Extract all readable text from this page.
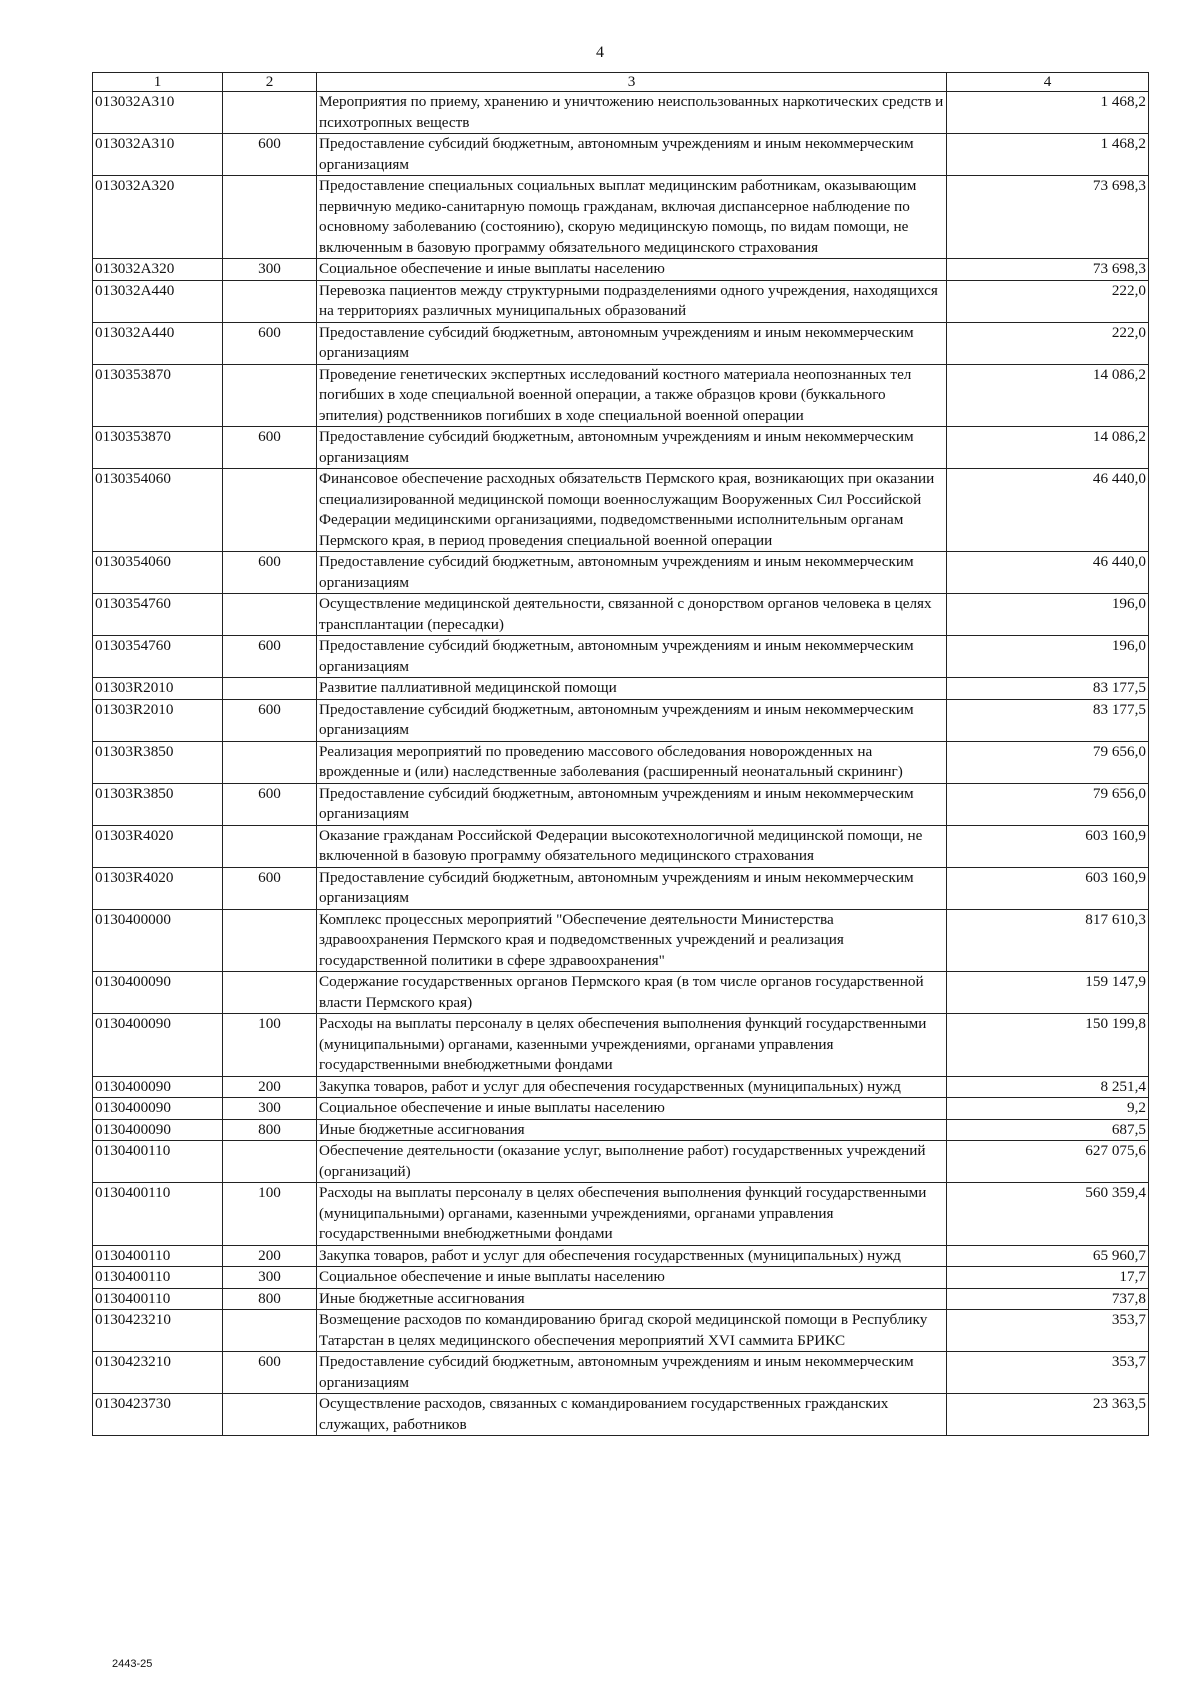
4
1	2	3	4
013032A310		Мероприятия по приему, хранению и уничтожению неиспользованных наркотических средств и психотропных веществ	1 468,2
013032A310	600	Предоставление субсидий бюджетным, автономным учреждениям и иным некоммерческим организациям	1 468,2
013032A320		Предоставление специальных социальных выплат медицинским работникам, оказывающим первичную медико-санитарную помощь гражданам, включая диспансерное наблюдение по основному заболеванию (состоянию), скорую медицинскую помощь, по видам помощи, не включенным в базовую программу обязательного медицинского страхования	73 698,3
013032A320	300	Социальное обеспечение и иные выплаты населению	73 698,3
013032A440		Перевозка пациентов между структурными подразделениями одного учреждения, находящихся на территориях различных муниципальных образований	222,0
013032A440	600	Предоставление субсидий бюджетным, автономным учреждениям и иным некоммерческим организациям	222,0
0130353870		Проведение генетических экспертных исследований костного материала неопознанных тел погибших в ходе специальной военной операции, а также образцов крови (буккального эпителия) родственников погибших в ходе специальной военной операции	14 086,2
0130353870	600	Предоставление субсидий бюджетным, автономным учреждениям и иным некоммерческим организациям	14 086,2
0130354060		Финансовое обеспечение расходных обязательств Пермского края, возникающих при оказании специализированной медицинской помощи военнослужащим Вооруженных Сил Российской Федерации медицинскими организациями, подведомственными исполнительным органам Пермского края, в период проведения специальной военной операции	46 440,0
0130354060	600	Предоставление субсидий бюджетным, автономным учреждениям и иным некоммерческим организациям	46 440,0
0130354760		Осуществление медицинской деятельности, связанной с донорством органов человека в целях трансплантации (пересадки)	196,0
0130354760	600	Предоставление субсидий бюджетным, автономным учреждениям и иным некоммерческим организациям	196,0
01303R2010		Развитие паллиативной медицинской помощи	83 177,5
01303R2010	600	Предоставление субсидий бюджетным, автономным учреждениям и иным некоммерческим организациям	83 177,5
01303R3850		Реализация мероприятий по проведению массового обследования новорожденных на врожденные и (или) наследственные заболевания (расширенный неонатальный скрининг)	79 656,0
01303R3850	600	Предоставление субсидий бюджетным, автономным учреждениям и иным некоммерческим организациям	79 656,0
01303R4020		Оказание гражданам Российской Федерации высокотехнологичной медицинской помощи, не включенной в базовую программу обязательного медицинского страхования	603 160,9
01303R4020	600	Предоставление субсидий бюджетным, автономным учреждениям и иным некоммерческим организациям	603 160,9
0130400000		Комплекс процессных мероприятий "Обеспечение деятельности Министерства здравоохранения Пермского края и подведомственных учреждений и реализация государственной политики в сфере здравоохранения"	817 610,3
0130400090		Содержание государственных органов Пермского края (в том числе органов государственной власти Пермского края)	159 147,9
0130400090	100	Расходы на выплаты персоналу в целях обеспечения выполнения функций государственными (муниципальными) органами, казенными учреждениями, органами управления государственными внебюджетными фондами	150 199,8
0130400090	200	Закупка товаров, работ и услуг для обеспечения государственных (муниципальных) нужд	8 251,4
0130400090	300	Социальное обеспечение и иные выплаты населению	9,2
0130400090	800	Иные бюджетные ассигнования	687,5
0130400110		Обеспечение деятельности (оказание услуг, выполнение работ) государственных учреждений (организаций)	627 075,6
0130400110	100	Расходы на выплаты персоналу в целях обеспечения выполнения функций государственными (муниципальными) органами, казенными учреждениями, органами управления государственными внебюджетными фондами	560 359,4
0130400110	200	Закупка товаров, работ и услуг для обеспечения государственных (муниципальных) нужд	65 960,7
0130400110	300	Социальное обеспечение и иные выплаты населению	17,7
0130400110	800	Иные бюджетные ассигнования	737,8
0130423210		Возмещение расходов по командированию бригад скорой медицинской помощи в Республику Татарстан в целях медицинского обеспечения мероприятий XVI саммита БРИКС	353,7
0130423210	600	Предоставление субсидий бюджетным, автономным учреждениям и иным некоммерческим организациям	353,7
0130423730		Осуществление расходов, связанных с командированием государственных гражданских служащих, работников	23 363,5
2443-25
